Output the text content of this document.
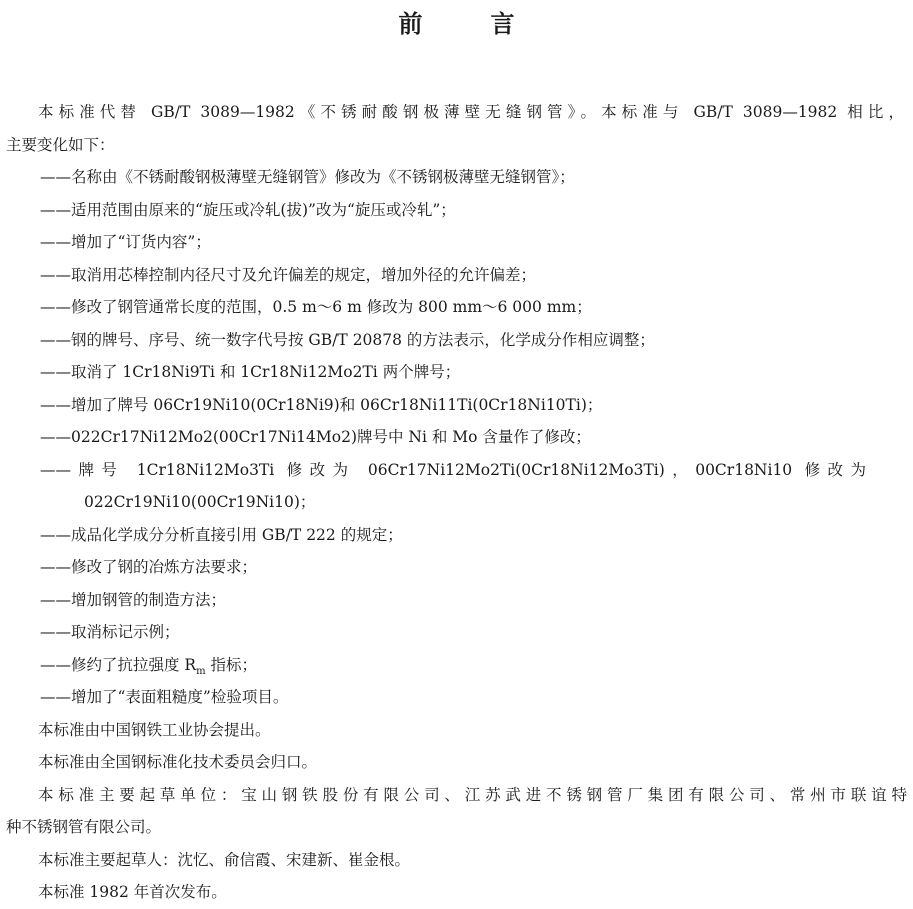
前　言
本标准代替 GB/T 3089—1982《不锈耐酸钢极薄壁无缝钢管》。本标准与 GB/T 3089—1982 相比，
主要变化如下：
——名称由《不锈耐酸钢极薄壁无缝钢管》修改为《不锈钢极薄壁无缝钢管》；
——适用范围由原来的“旋压或冷轧(拔)”改为“旋压或冷轧”；
——增加了“订货内容”；
——取消用芯棒控制内径尺寸及允许偏差的规定，增加外径的允许偏差；
——修改了钢管通常长度的范围，0.5 m～6 m 修改为 800 mm～6 000 mm；
——钢的牌号、序号、统一数字代号按 GB/T 20878 的方法表示，化学成分作相应调整；
——取消了 1Cr18Ni9Ti 和 1Cr18Ni12Mo2Ti 两个牌号；
——增加了牌号 06Cr19Ni10(0Cr18Ni9)和 06Cr18Ni11Ti(0Cr18Ni10Ti)；
——022Cr17Ni12Mo2(00Cr17Ni14Mo2)牌号中 Ni 和 Mo 含量作了修改；
——牌号 1Cr18Ni12Mo3Ti 修改为 06Cr17Ni12Mo2Ti(0Cr18Ni12Mo3Ti)，00Cr18Ni10 修改为
022Cr19Ni10(00Cr19Ni10)；
——成品化学成分分析直接引用 GB/T 222 的规定；
——修改了钢的冶炼方法要求；
——增加钢管的制造方法；
——取消标记示例；
——修约了抗拉强度 $R_m$ 指标；
——增加了“表面粗糙度”检验项目。
本标准由中国钢铁工业协会提出。
本标准由全国钢标准化技术委员会归口。
本标准主要起草单位：宝山钢铁股份有限公司、江苏武进不锈钢管厂集团有限公司、常州市联谊特
种不锈钢管有限公司。
本标准主要起草人：沈忆、俞信霞、宋建新、崔金根。
本标准 1982 年首次发布。
